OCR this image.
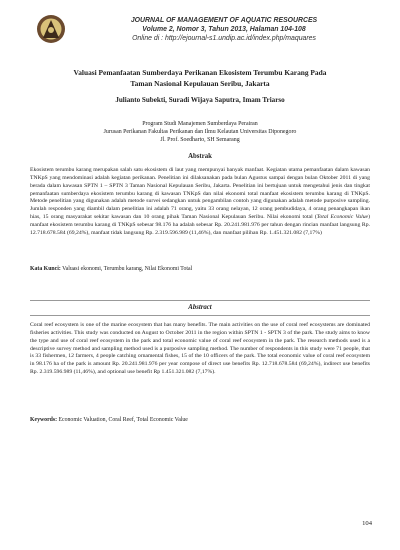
JOURNAL OF MANAGEMENT OF AQUATIC RESOURCES
Volume 2, Nomor 3, Tahun 2013, Halaman 104-108
Online di : http://ejournal-s1.undip.ac.id/index.php/maquares
Valuasi Pemanfaatan Sumberdaya Perikanan Ekosistem Terumbu Karang Pada Taman Nasional Kepulauan Seribu, Jakarta
Julianto Subekti, Suradi Wijaya Saputra, Imam Triarso
Program Studi Manajemen Sumberdaya Perairan
Jurusan Perikanan Fakultas Perikanan dan Ilmu Kelautan Universitas Diponegoro
Jl. Prof. Soedharto, SH Semarang
Abstrak

Ekosistem terumbu karang merupakan salah satu ekosistem di laut yang mempunyai banyak manfaat. Kegiatan utama pemanfaatan dalam kawasan TNKpS yang mendominasi adalah kegiatan perikanan. Penelitian ini dilaksanakan pada bulan Agustus sampai dengan bulan Oktober 2011 di yang berada dalam kawasan SPTN 1 – SPTN 3 Taman Nasional Kepulauan Seribu, Jakarta. Penelitian ini bertujuan untuk mengetahui jenis dan tingkat pemanfaatan sumberdaya ekosistem terumbu karang di kawasan TNKpS dan nilai ekonomi total manfaat ekosistem terumbu karang di TNKpS. Metode penelitian yang digunakan adalah metode survei sedangkan untuk pengambilan contoh yang digunakan adalah metode purposive sampling. Jumlah responden yang diambil dalam penelitian ini adalah 71 orang, yaitu 33 orang nelayan, 12 orang pembudidaya, 4 orang penangkapan ikan hias, 15 orang masyarakat sekitar kawasan dan 10 orang pihak Taman Nasional Kepulauan Seribu. Nilai ekonomi total (Total Economic Value) manfaat ekosistem terumbu karang di TNKpS sebesar 98.176 ha adalah sebesar Rp. 20.241.981.976 per tahun dengan rincian manfaat langsung Rp. 12.718.678.584 (69,24%), manfaat tidak langsung Rp. 2.319.596.989 (11,46%), dan manfaat pilihan Rp. 1.451.321.082 (7,17%)

Kata Kunci: Valuasi ekonomi, Terumbu karang, Nilai Ekonomi Total
Abstract

Coral reef ecosystem is one of the marine ecosystem that has many benefits. The main activities on the use of coral reef ecosystems are dominated fisheries activities. This study was conducted on August to October 2011 in the region within SPTN 1 - SPTN 3 of the park. The study aims to know the type and use of coral reef ecosystem in the park and total economic value of coral reef ecosystem in the park. The research methods used is a descriptive survey method and sampling method used is a purposive sampling method. The number of respondents in this study were 71 people, that is 33 fishermen, 12 farmers, 4 people catching ornamental fishes, 15 of the 10 officers of the park. The total economic value of coral reef ecosystem in 98.176 ha of the park is amount Rp. 20.241.981.976 per year compose of direct use benefits Rp. 12.718.678.584 (69,24%), indirect use benefits Rp. 2.319.596.989 (11,46%), and optional use benefit Rp 1.451.321.082 (7,17%).

Keywords: Economic Valuation, Coral Reef, Total Economic Value
104
